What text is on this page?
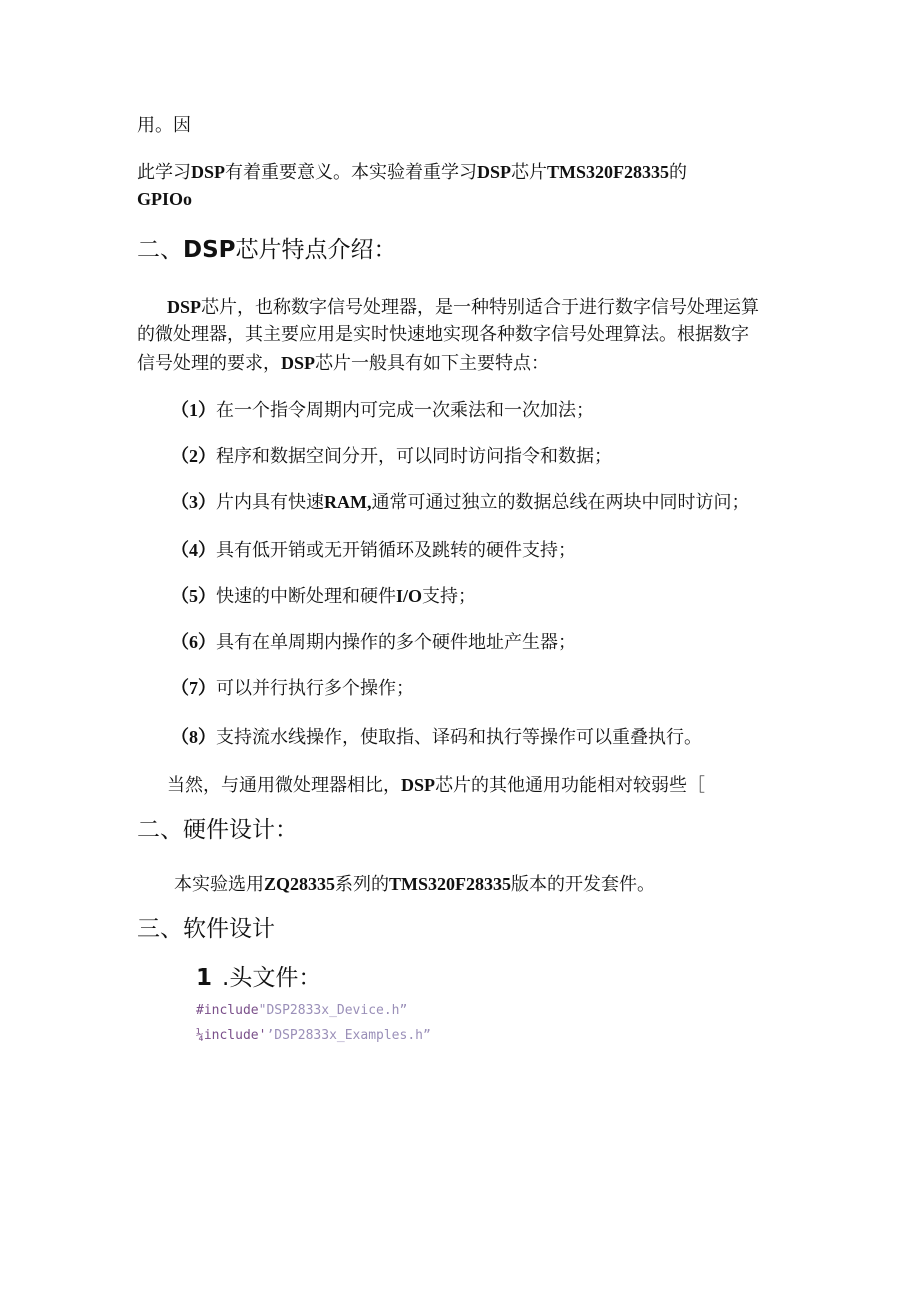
用。因
此学习DSP有着重要意义。本实验着重学习DSP芯片TMS320F28335的
GPIOo
二、DSP芯片特点介绍：
DSP芯片，也称数字信号处理器，是一种特别适合于进行数字信号处理运算
的微处理器，其主要应用是实时快速地实现各种数字信号处理算法。根据数字
信号处理的要求，DSP芯片一般具有如下主要特点：
（1）在一个指令周期内可完成一次乘法和一次加法；
（2）程序和数据空间分开，可以同时访问指令和数据；
（3）片内具有快速RAM,通常可通过独立的数据总线在两块中同时访问；
（4）具有低开销或无开销循环及跳转的硬件支持；
（5）快速的中断处理和硬件I/O支持；
（6）具有在单周期内操作的多个硬件地址产生器；
（7）可以并行执行多个操作；
（8）支持流水线操作，使取指、译码和执行等操作可以重叠执行。
当然，与通用微处理器相比，DSP芯片的其他通用功能相对较弱些［
二、硬件设计：
本实验选用ZQ28335系列的TMS320F28335版本的开发套件。
三、软件设计
1 .头文件：
#include"DSP2833x_Device.h”
¼include'’DSP2833x_Examples.h”
